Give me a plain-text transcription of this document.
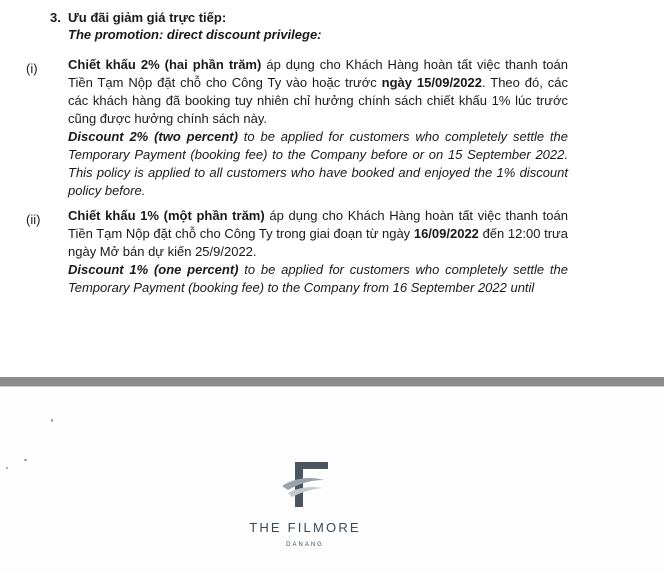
3. Ưu đãi giảm giá trực tiếp:
The promotion: direct discount privilege:
(i) Chiết khấu 2% (hai phần trăm) áp dụng cho Khách Hàng hoàn tất việc thanh toán Tiền Tạm Nộp đặt chỗ cho Công Ty vào hoặc trước ngày 15/09/2022. Theo đó, các các khách hàng đã booking tuy nhiên chỉ hưởng chính sách chiết khấu 1% lúc trước cũng được hưởng chính sách này.

Discount 2% (two percent) to be applied for customers who completely settle the Temporary Payment (booking fee) to the Company before or on 15 September 2022. This policy is applied to all customers who have booked and enjoyed the 1% discount policy before.

(ii) Chiết khấu 1% (một phần trăm) áp dụng cho Khách Hàng hoàn tất việc thanh toán Tiền Tạm Nộp đặt chỗ cho Công Ty trong giai đoạn từ ngày 16/09/2022 đến 12:00 trưa ngày Mở bán dự kiến 25/9/2022.

Discount 1% (one percent) to be applied for customers who completely settle the Temporary Payment (booking fee) to the Company from 16 September 2022 until

THE FILMORE
DANANG
